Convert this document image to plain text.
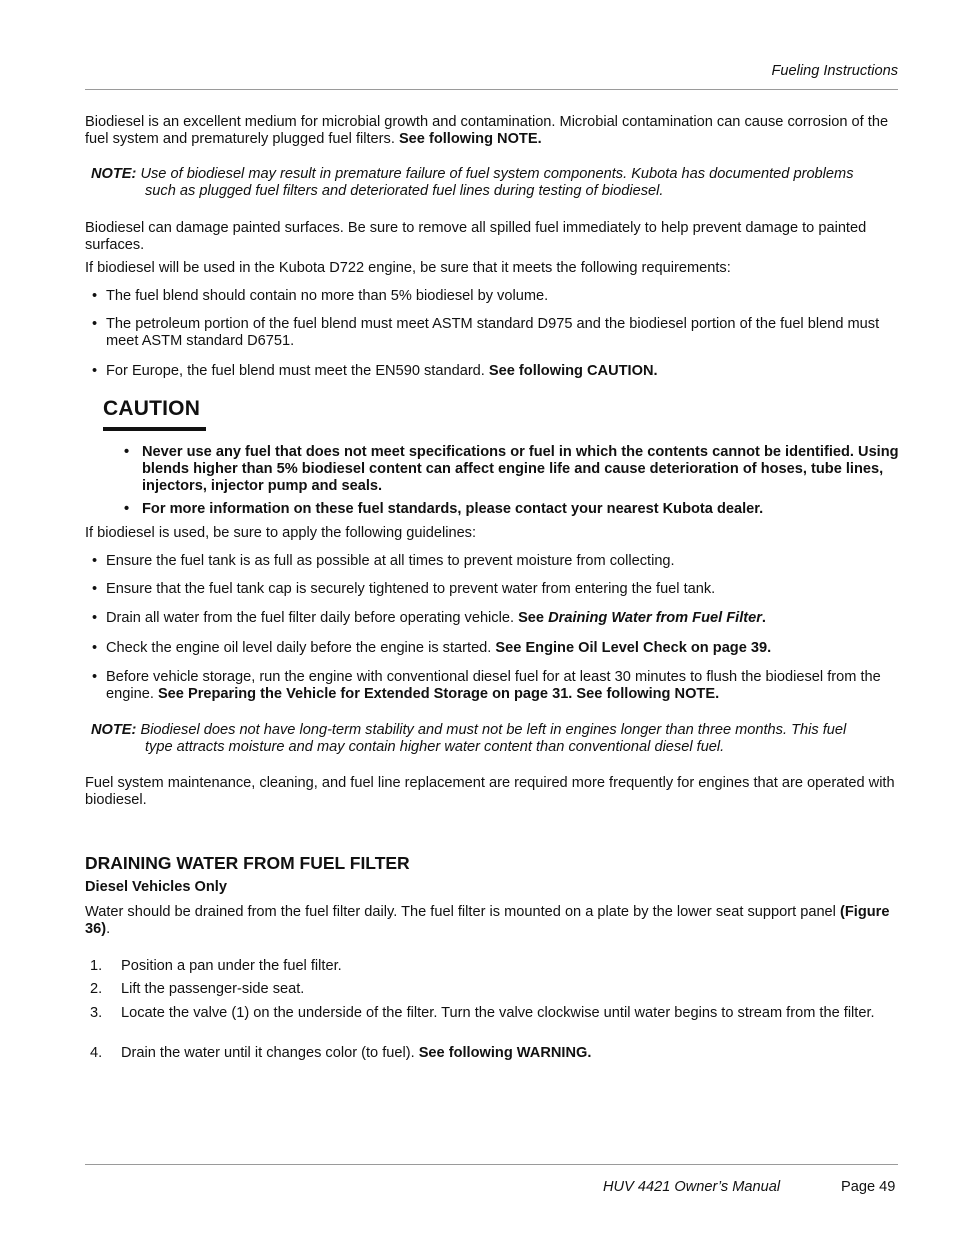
Fueling Instructions
Biodiesel is an excellent medium for microbial growth and contamination. Microbial contamination can cause corrosion of the fuel system and prematurely plugged fuel filters. See following NOTE.
NOTE: Use of biodiesel may result in premature failure of fuel system components. Kubota has documented problems
such as plugged fuel filters and deteriorated fuel lines during testing of biodiesel.
Biodiesel can damage painted surfaces. Be sure to remove all spilled fuel immediately to help prevent damage to painted surfaces.
If biodiesel will be used in the Kubota D722 engine, be sure that it meets the following requirements:
• The fuel blend should contain no more than 5% biodiesel by volume.
• The petroleum portion of the fuel blend must meet ASTM standard D975 and the biodiesel portion of the fuel blend must meet ASTM standard D6751.
• For Europe, the fuel blend must meet the EN590 standard. See following CAUTION.
CAUTION
• Never use any fuel that does not meet specifications or fuel in which the contents cannot be identified. Using blends higher than 5% biodiesel content can affect engine life and cause deterioration of hoses, tube lines, injectors, injector pump and seals.
• For more information on these fuel standards, please contact your nearest Kubota dealer.
If biodiesel is used, be sure to apply the following guidelines:
• Ensure the fuel tank is as full as possible at all times to prevent moisture from collecting.
• Ensure that the fuel tank cap is securely tightened to prevent water from entering the fuel tank.
• Drain all water from the fuel filter daily before operating vehicle. See Draining Water from Fuel Filter.
• Check the engine oil level daily before the engine is started. See Engine Oil Level Check on page 39.
• Before vehicle storage, run the engine with conventional diesel fuel for at least 30 minutes to flush the biodiesel from the engine. See Preparing the Vehicle for Extended Storage on page 31. See following NOTE.
NOTE: Biodiesel does not have long-term stability and must not be left in engines longer than three months. This fuel
type attracts moisture and may contain higher water content than conventional diesel fuel.
Fuel system maintenance, cleaning, and fuel line replacement are required more frequently for engines that are operated with biodiesel.
DRAINING WATER FROM FUEL FILTER
Diesel Vehicles Only
Water should be drained from the fuel filter daily. The fuel filter is mounted on a plate by the lower seat support panel (Figure 36).
1. Position a pan under the fuel filter.
2. Lift the passenger-side seat.
3. Locate the valve (1) on the underside of the filter. Turn the valve clockwise until water begins to stream from the filter.
4. Drain the water until it changes color (to fuel). See following WARNING.
HUV 4421 Owner’s Manual	Page 49
